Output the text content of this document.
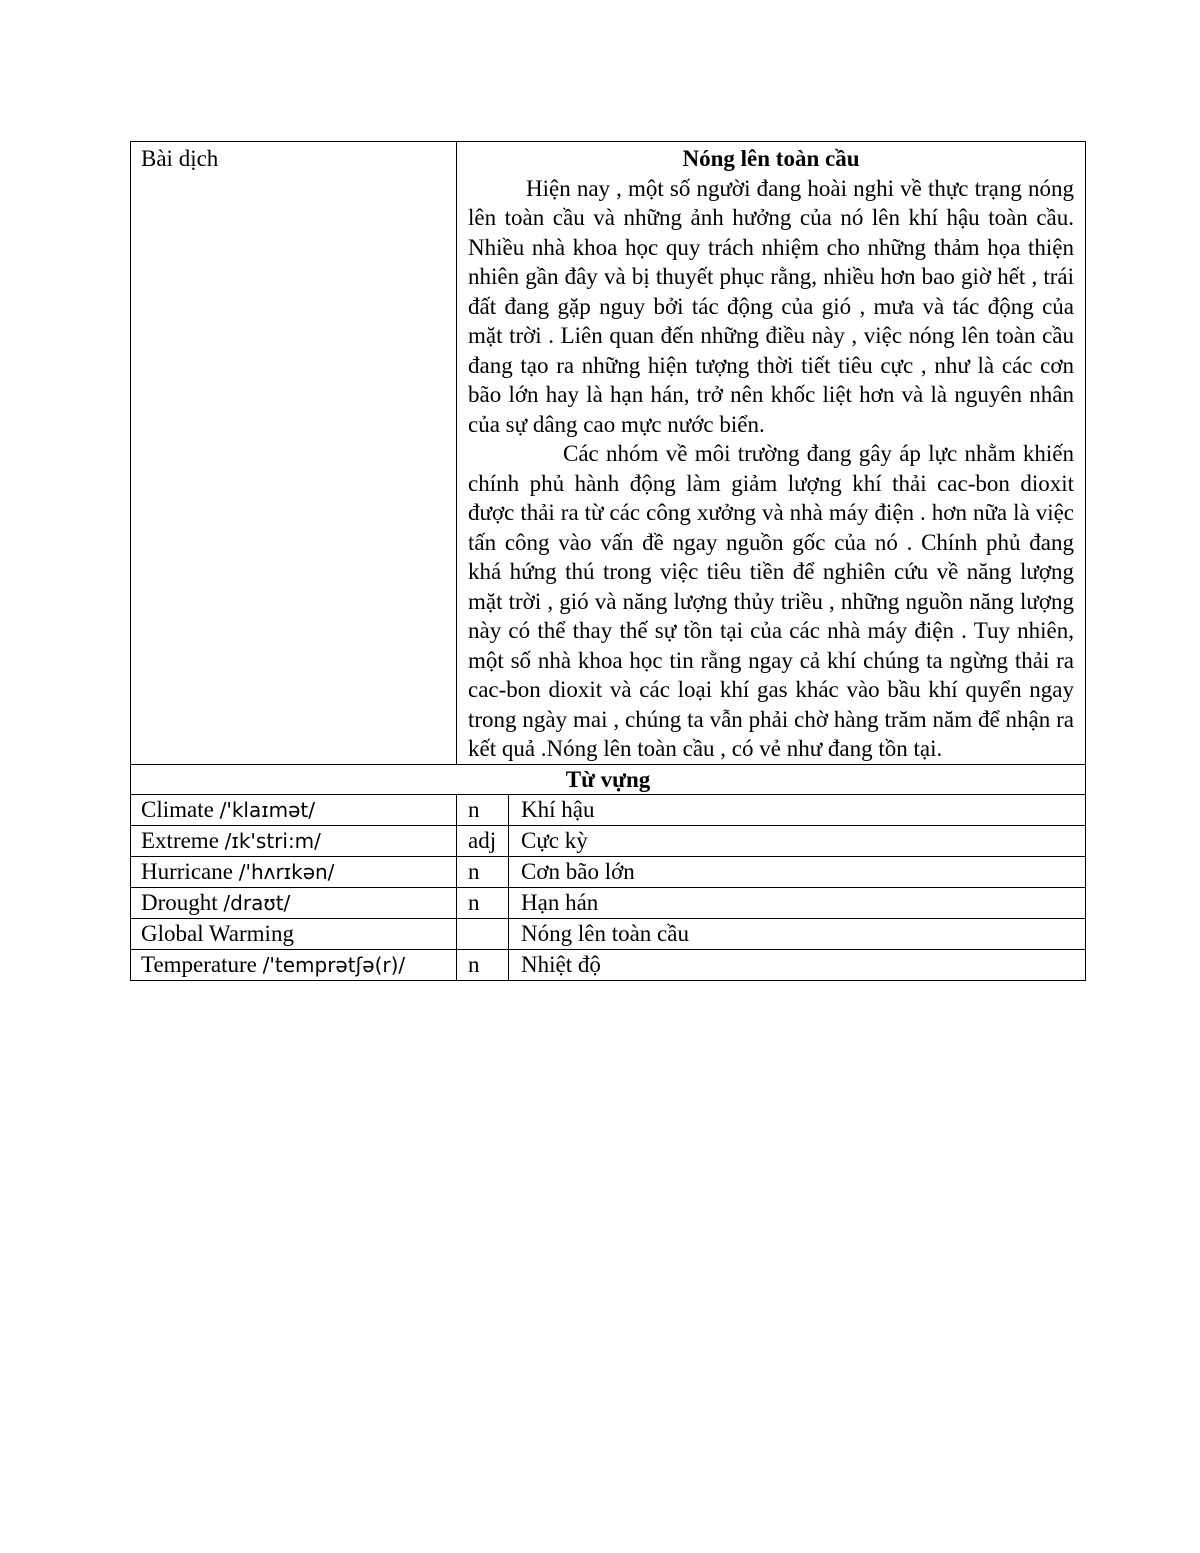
Bài dịch	Nóng lên toàn cầu

Hiện nay , một số người đang hoài nghi về thực trạng nóng lên toàn cầu và những ảnh hưởng của nó lên khí hậu toàn cầu. Nhiều nhà khoa học quy trách nhiệm cho những thảm họa thiện nhiên gần đây và bị thuyết phục rằng, nhiều hơn bao giờ hết , trái đất đang gặp nguy bởi tác động của gió , mưa và tác động của mặt trời . Liên quan đến những điều này , việc nóng lên toàn cầu đang tạo ra những hiện tượng thời tiết tiêu cực , như là các cơn bão lớn hay là hạn hán, trở nên khốc liệt hơn và là nguyên nhân của sự dâng cao mực nước biển.

Các nhóm về môi trường đang gây áp lực nhằm khiến chính phủ hành động làm giảm lượng khí thải cac-bon dioxit được thải ra từ các công xưởng và nhà máy điện . hơn nữa là việc tấn công vào vấn đề ngay nguồn gốc của nó . Chính phủ đang khá hứng thú trong việc tiêu tiền để nghiên cứu về năng lượng mặt trời , gió và năng lượng thủy triều , những nguồn năng lượng này có thể thay thế sự tồn tại của các nhà máy điện . Tuy nhiên, một số nhà khoa học tin rằng ngay cả khí chúng ta ngừng thải ra cac-bon dioxit và các loại khí gas khác vào bầu khí quyển ngay trong ngày mai , chúng ta vẫn phải chờ hàng trăm năm để nhận ra kết quả .Nóng lên toàn cầu , có vẻ như đang tồn tại.	

Từ vựng		
Climate /'klaɪmət/	n	Khí hậu
Extreme /ɪk'stri:m/	adj	Cực kỳ
Hurricane /'hʌrɪkən/	n	Cơn bão lớn
Drought /draʊt/	n	Hạn hán
Global Warming		Nóng lên toàn cầu
Temperature /'temprətʃə(r)/	n	Nhiệt độ
